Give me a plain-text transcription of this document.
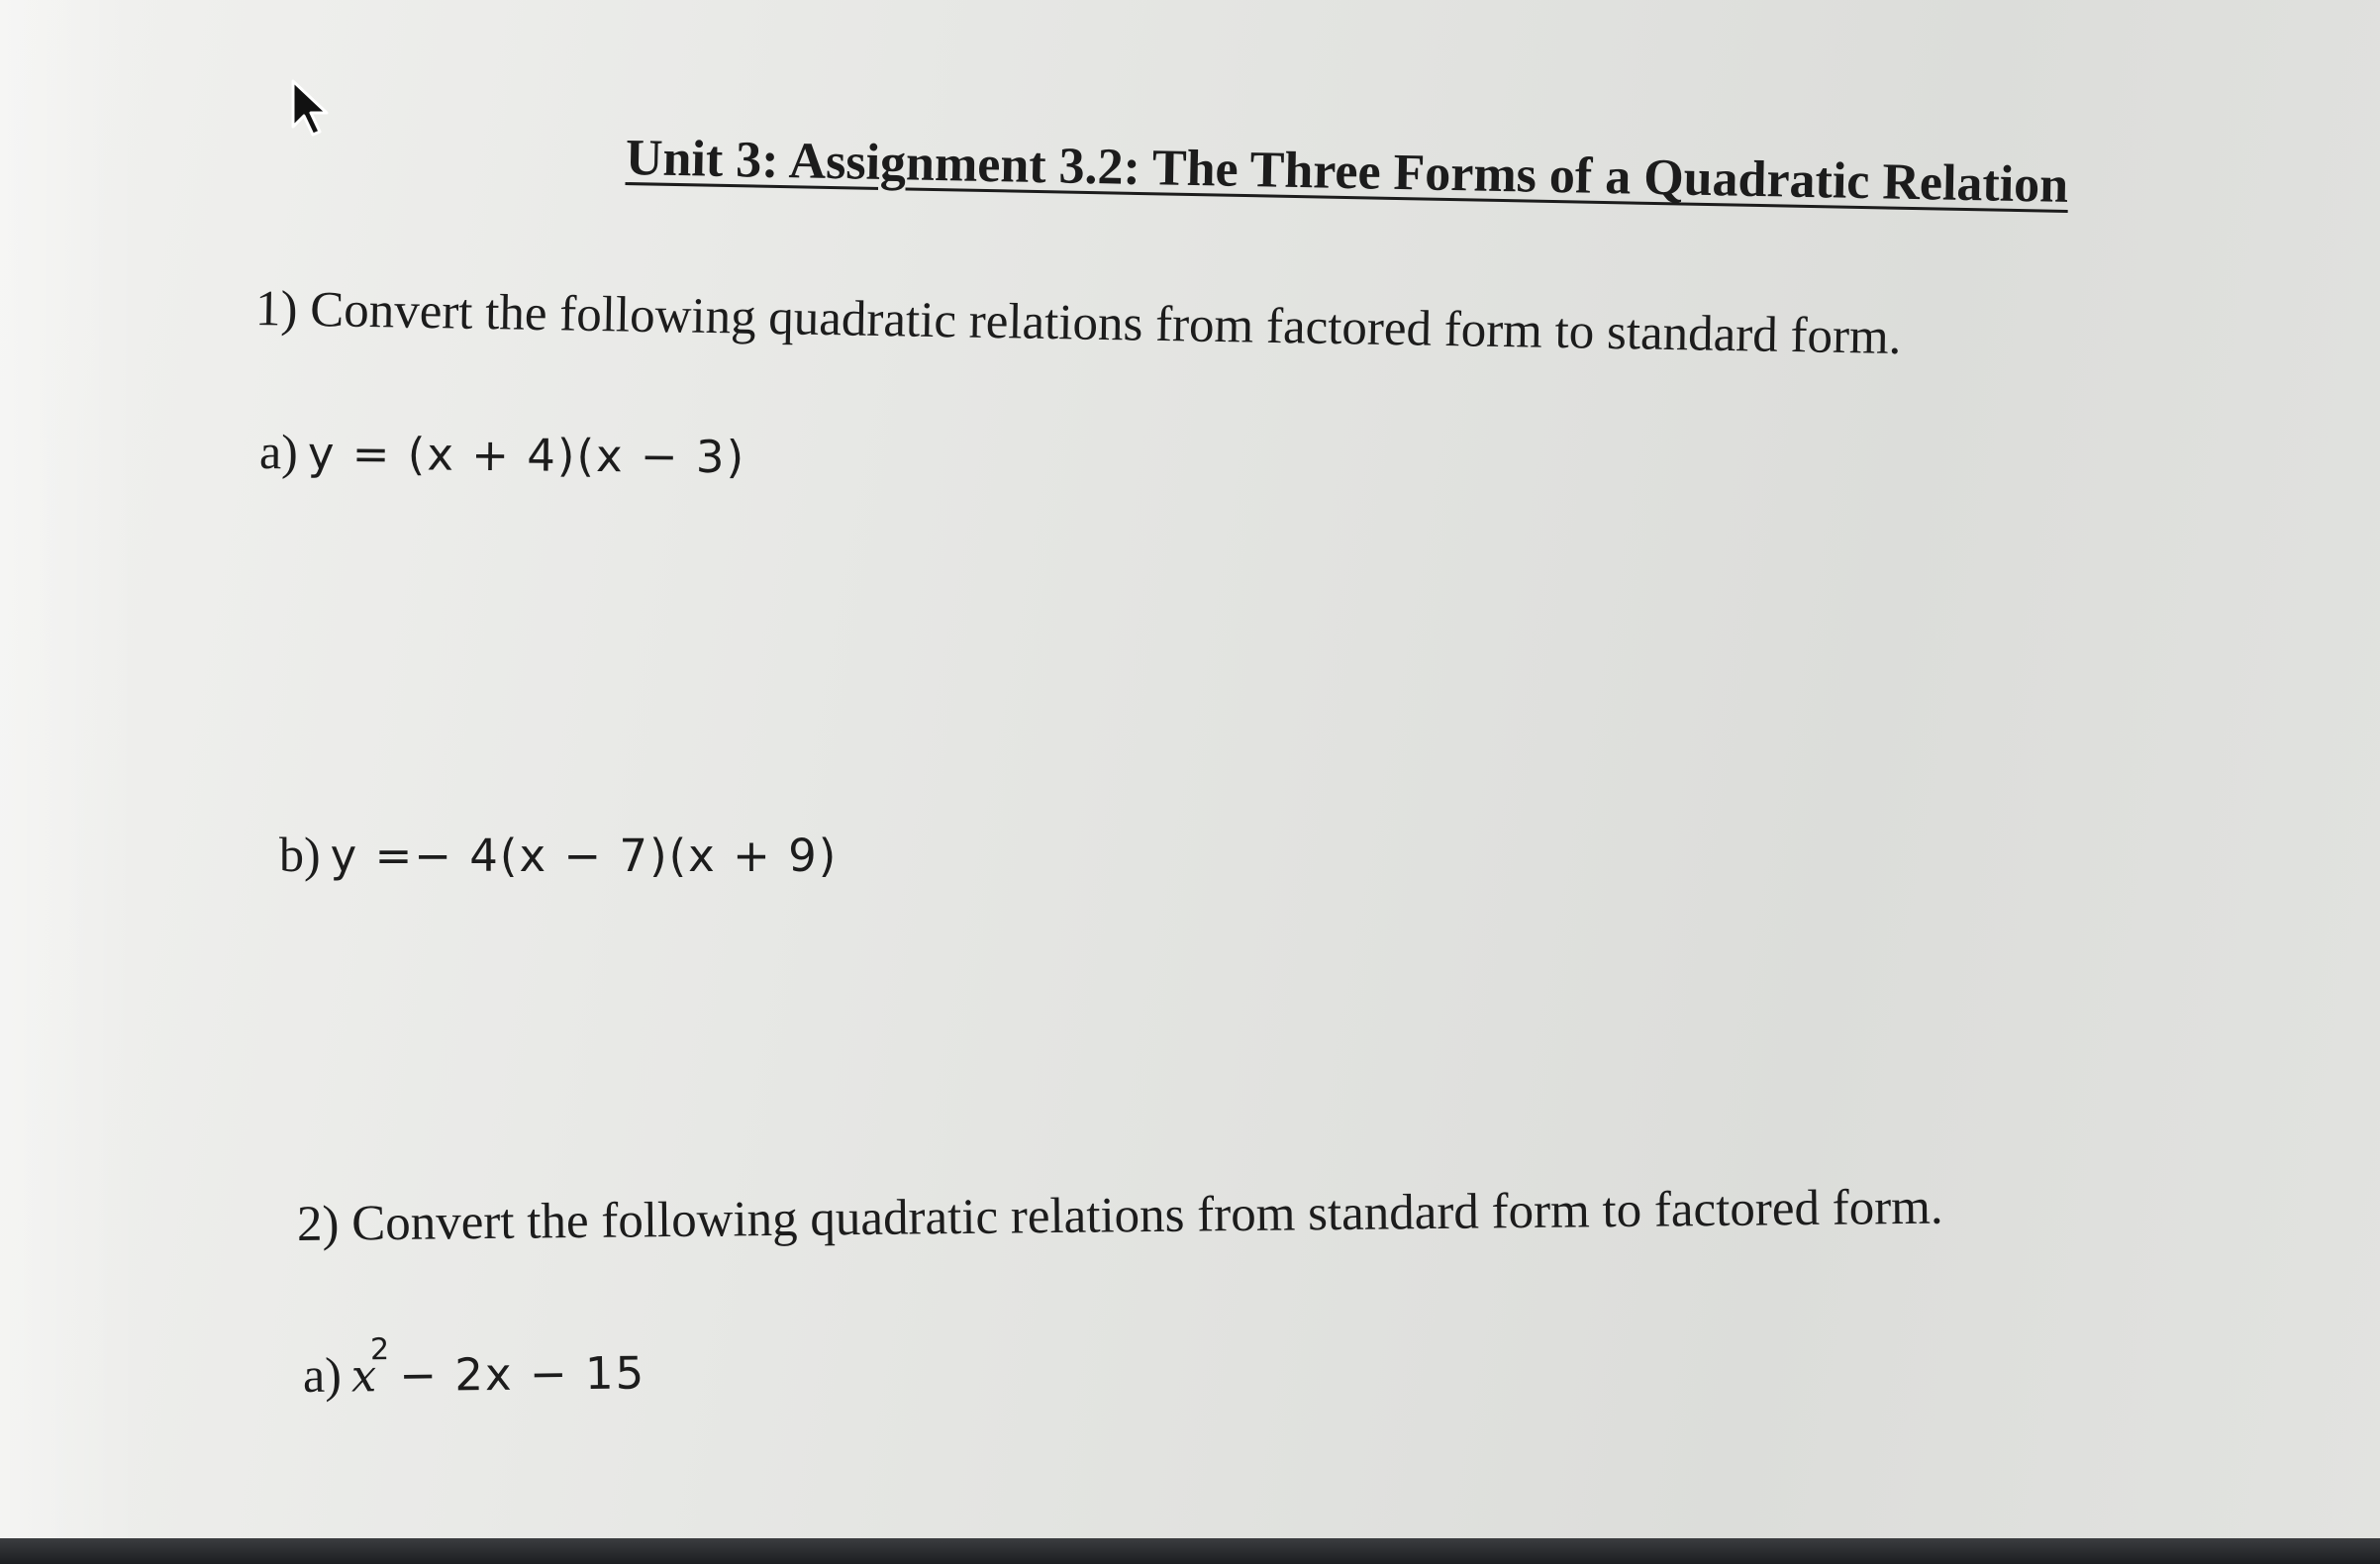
Unit 3: Assignment 3.2: The Three Forms of a Quadratic Relation
1) Convert the following quadratic relations from factored form to standard form.
a) y = (x + 4)(x − 3)
b) y =− 4(x − 7)(x + 9)
2) Convert the following quadratic relations from standard form to factored form.
a) $x^2 - 2x - 15$
